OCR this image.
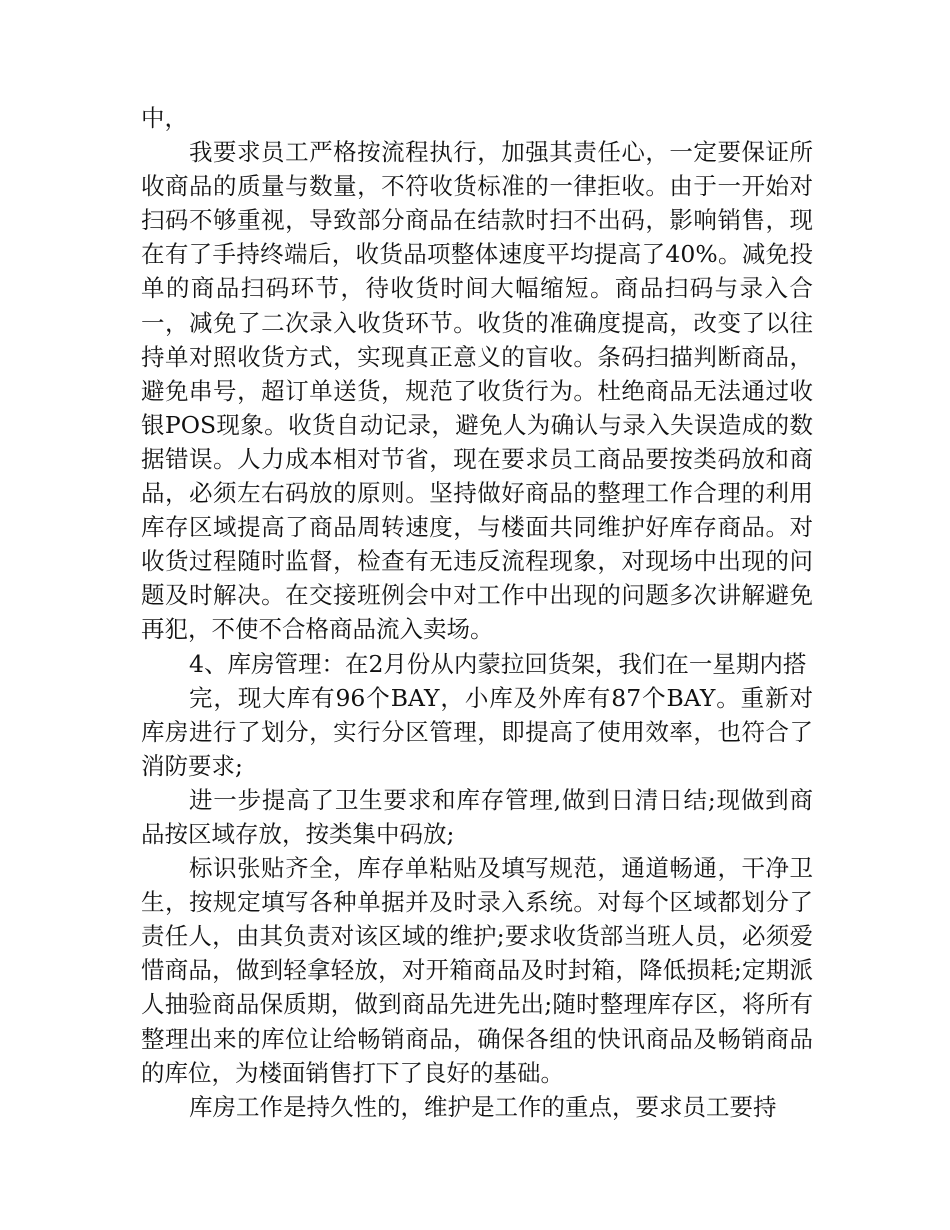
中，

我要求员工严格按流程执行，加强其责任心，一定要保证所收商品的质量与数量，不符收货标准的一律拒收。由于一开始对扫码不够重视，导致部分商品在结款时扫不出码，影响销售，现在有了手持终端后，收货品项整体速度平均提高了40%。减免投单的商品扫码环节，待收货时间大幅缩短。商品扫码与录入合一，减免了二次录入收货环节。收货的准确度提高，改变了以往持单对照收货方式，实现真正意义的盲收。条码扫描判断商品，避免串号，超订单送货，规范了收货行为。杜绝商品无法通过收银POS现象。收货自动记录，避免人为确认与录入失误造成的数据错误。人力成本相对节省，现在要求员工商品要按类码放和商品，必须左右码放的原则。坚持做好商品的整理工作合理的利用库存区域提高了商品周转速度，与楼面共同维护好库存商品。对收货过程随时监督，检查有无违反流程现象，对现场中出现的问题及时解决。在交接班例会中对工作中出现的问题多次讲解避免再犯，不使不合格商品流入卖场。

4、库房管理：在2月份从内蒙拉回货架，我们在一星期内搭

完，现大库有96个BAY，小库及外库有87个BAY。重新对库房进行了划分，实行分区管理，即提高了使用效率，也符合了消防要求;

进一步提高了卫生要求和库存管理,做到日清日结;现做到商品按区域存放，按类集中码放;

标识张贴齐全，库存单粘贴及填写规范，通道畅通，干净卫生，按规定填写各种单据并及时录入系统。对每个区域都划分了责任人，由其负责对该区域的维护;要求收货部当班人员，必须爱惜商品，做到轻拿轻放，对开箱商品及时封箱，降低损耗;定期派人抽验商品保质期，做到商品先进先出;随时整理库存区，将所有整理出来的库位让给畅销商品，确保各组的快讯商品及畅销商品的库位，为楼面销售打下了良好的基础。

库房工作是持久性的，维护是工作的重点，要求员工要持
